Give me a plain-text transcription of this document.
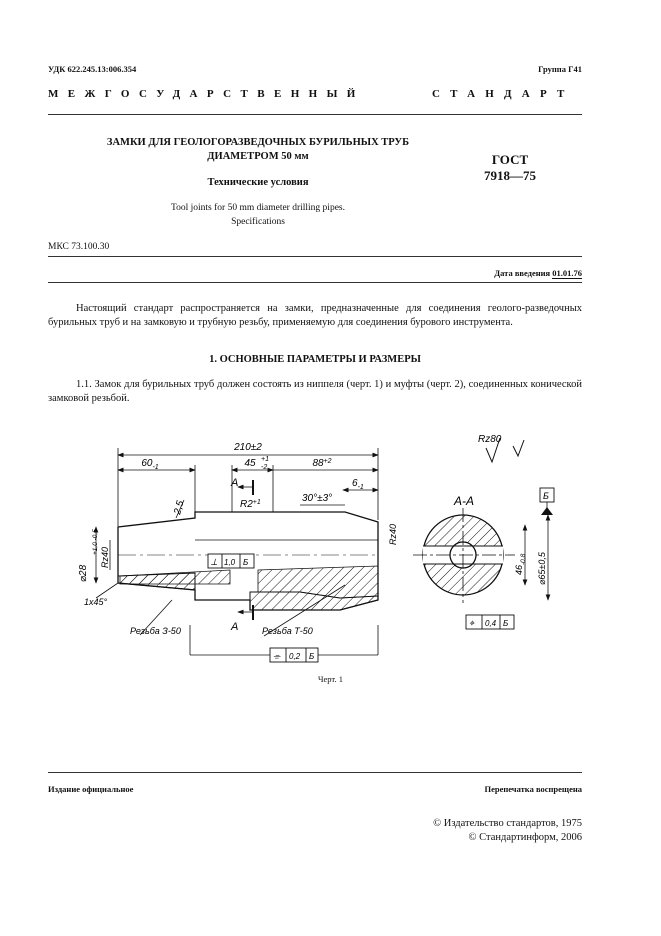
УДК 622.245.13:006.354	Группа Г41
МЕЖГОСУДАРСТВЕННЫЙ	СТАНДАРТ
ЗАМКИ ДЛЯ ГЕОЛОГОРАЗВЕДОЧНЫХ БУРИЛЬНЫХ ТРУБ
ДИАМЕТРОМ 50 мм
Технические условия
Tool joints for 50 mm diameter drilling pipes.
Specifications
ГОСТ
7918—75
МКС 73.100.30
Дата введения 01.01.76
Настоящий стандарт распространяется на замки, предназначенные для соединения геолого-разведочных бурильных труб и на замковую и трубную резьбу, применяемую для соединения бурового инструмента.
1. ОСНОВНЫЕ ПАРАМЕТРЫ И РАЗМЕРЫ
1.1. Замок для бурильных труб должен состоять из ниппеля (черт. 1) и муфты (черт. 2), соединенных конической замковой резьбой.
210±2
$60_{-1}$	45 +1
-2	$88^{+2}$
$6_{-1}$
30°±3°
$R2^{+1}$
2,5
⌀28
+1,0 -0,5
Rz40
Rz40
Rz80
1x45°
Резьба З-50	Резьба Т-50
А
А
А-А	Б
$46_{-0,8}$ ⌀65±0,5
⟂ 1,0 Б
⌯ 0,2 Б
⌖ 0,4 Б
Черт. 1
Издание официальное	Перепечатка воспрещена
© Издательство стандартов, 1975
© Стандартинформ, 2006
